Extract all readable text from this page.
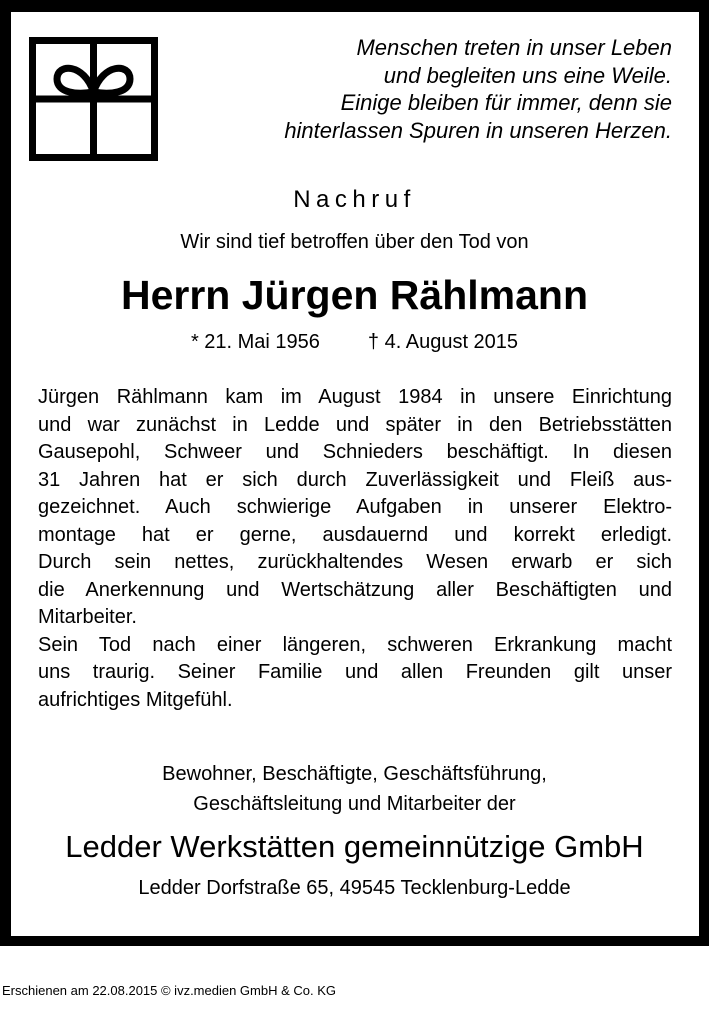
Menschen treten in unser Leben
und begleiten uns eine Weile.
Einige bleiben für immer, denn sie
hinterlassen Spuren in unseren Herzen.
Nachruf
Wir sind tief betroffen über den Tod von
Herrn Jürgen Rählmann
* 21. Mai 1956 † 4. August 2015
Jürgen Rählmann kam im August 1984 in unsere Einrichtung
und war zunächst in Ledde und später in den Betriebsstätten
Gausepohl, Schweer und Schnieders beschäftigt. In diesen
31 Jahren hat er sich durch Zuverlässigkeit und Fleiß aus-
gezeichnet. Auch schwierige Aufgaben in unserer Elektro-
montage hat er gerne, ausdauernd und korrekt erledigt.
Durch sein nettes, zurückhaltendes Wesen erwarb er sich
die Anerkennung und Wertschätzung aller Beschäftigten und
Mitarbeiter.
Sein Tod nach einer längeren, schweren Erkrankung macht
uns traurig. Seiner Familie und allen Freunden gilt unser
aufrichtiges Mitgefühl.
Bewohner, Beschäftigte, Geschäftsführung,
Geschäftsleitung und Mitarbeiter der
Ledder Werkstätten gemeinnützige GmbH
Ledder Dorfstraße 65, 49545 Tecklenburg-Ledde
Erschienen am 22.08.2015 © ivz.medien GmbH & Co. KG
